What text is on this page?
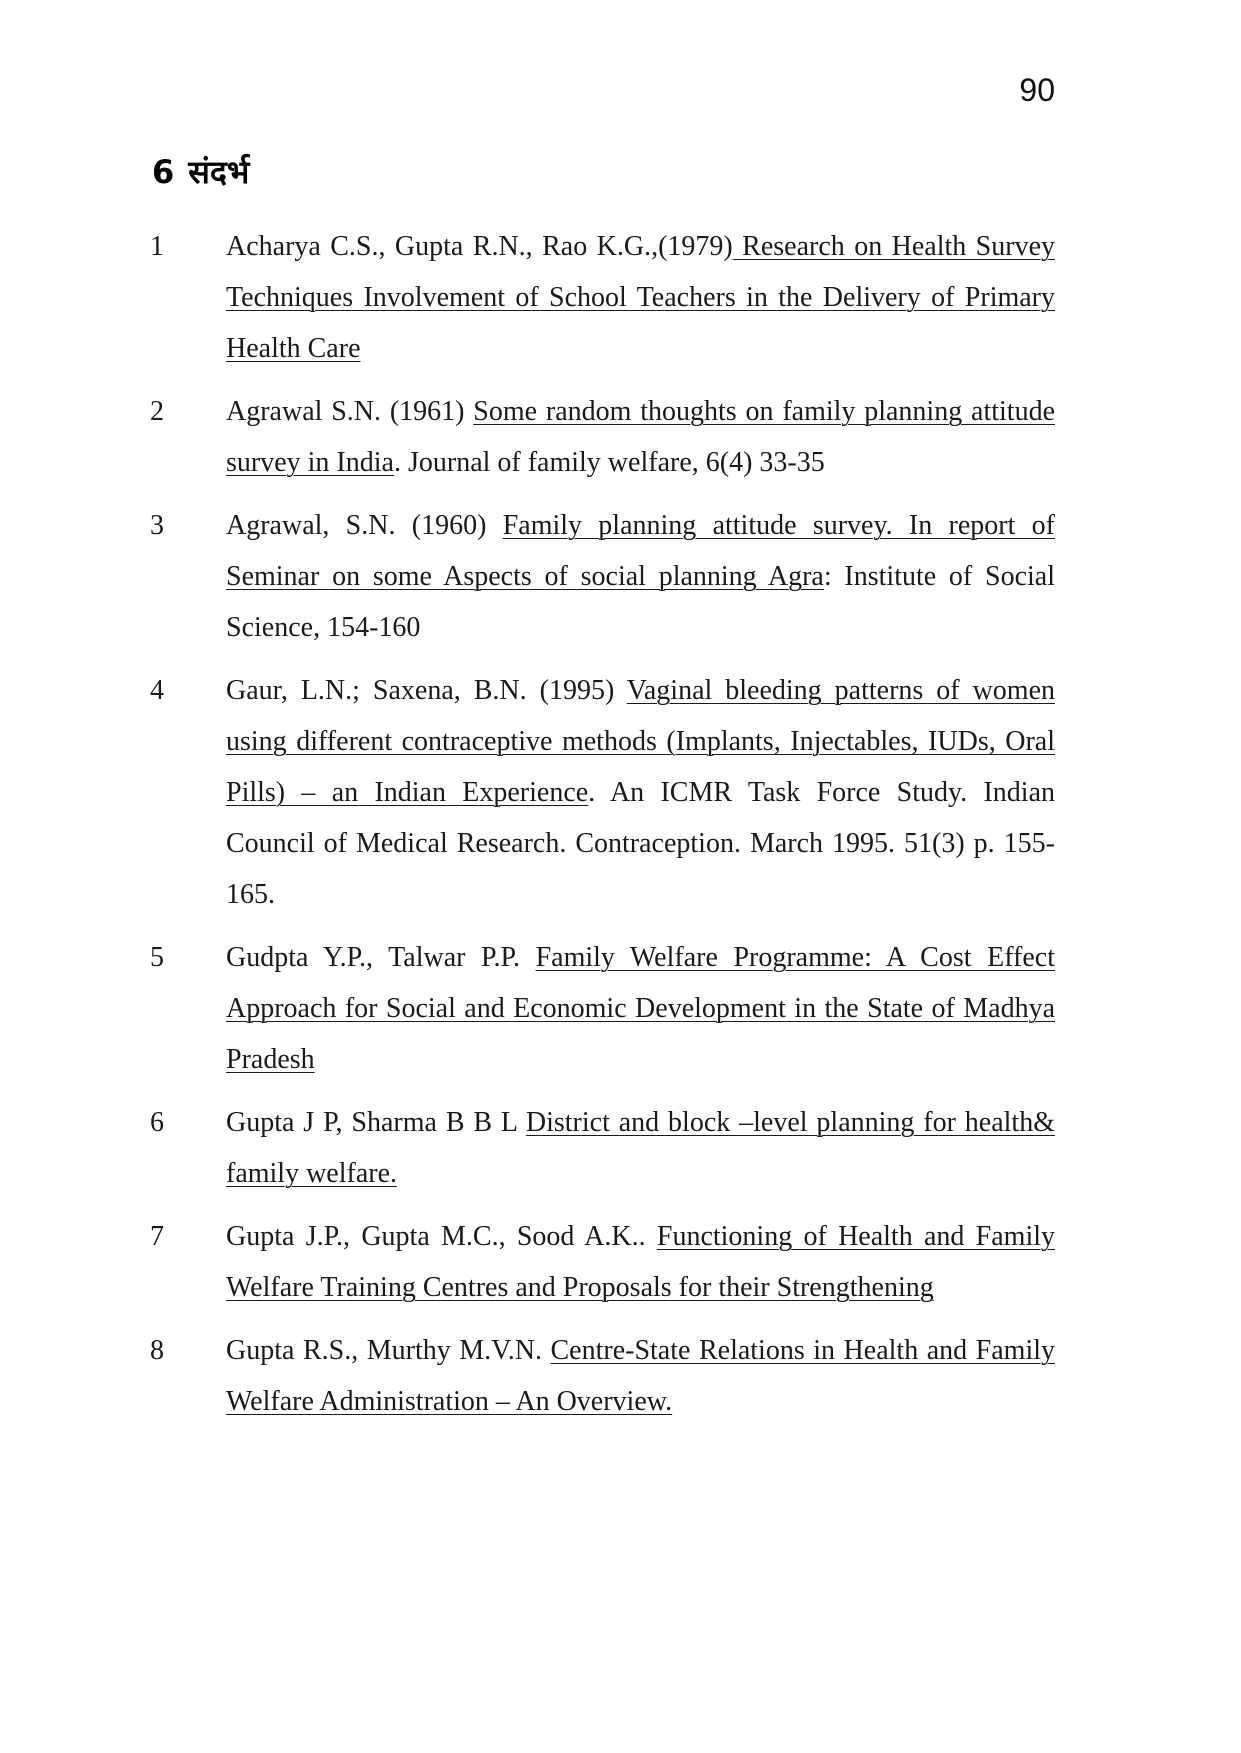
90
6 संदर्भ
1 Acharya C.S., Gupta R.N., Rao K.G.,(1979) Research on Health Survey Techniques Involvement of School Teachers in the Delivery of Primary Health Care
2 Agrawal S.N. (1961) Some random thoughts on family planning attitude survey in India. Journal of family welfare, 6(4) 33-35
3 Agrawal, S.N. (1960) Family planning attitude survey. In report of Seminar on some Aspects of social planning Agra: Institute of Social Science, 154-160
4 Gaur, L.N.; Saxena, B.N. (1995) Vaginal bleeding patterns of women using different contraceptive methods (Implants, Injectables, IUDs, Oral Pills) – an Indian Experience. An ICMR Task Force Study. Indian Council of Medical Research. Contraception. March 1995. 51(3) p. 155-165.
5 Gudpta Y.P., Talwar P.P. Family Welfare Programme: A Cost Effect Approach for Social and Economic Development in the State of Madhya Pradesh
6 Gupta J P, Sharma B B L District and block –level planning for health& family welfare.
7 Gupta J.P., Gupta M.C., Sood A.K.. Functioning of Health and Family Welfare Training Centres and Proposals for their Strengthening
8 Gupta R.S., Murthy M.V.N. Centre-State Relations in Health and Family Welfare Administration – An Overview.
